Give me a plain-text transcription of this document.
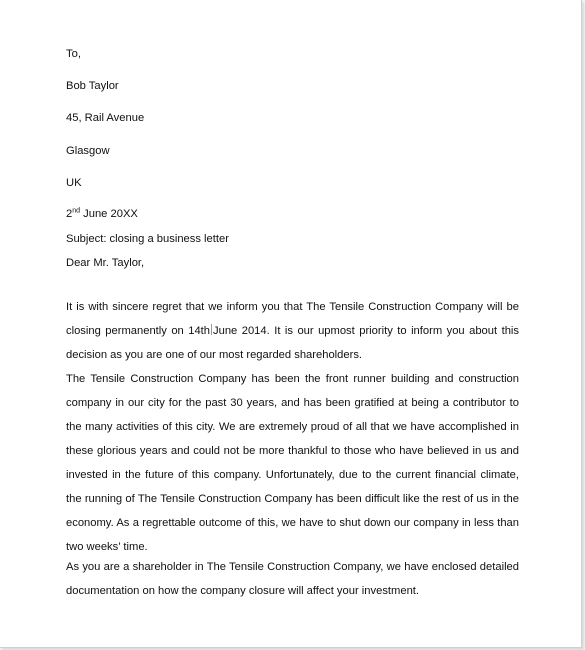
To,
Bob Taylor
45, Rail Avenue
Glasgow
UK
2nd June 20XX
Subject: closing a business letter
Dear Mr. Taylor,

It is with sincere regret that we inform you that The Tensile Construction Company will be closing permanently on 14th June 2014. It is our upmost priority to inform you about this decision as you are one of our most regarded shareholders.

The Tensile Construction Company has been the front runner building and construction company in our city for the past 30 years, and has been gratified at being a contributor to the many activities of this city. We are extremely proud of all that we have accomplished in these glorious years and could not be more thankful to those who have believed in us and invested in the future of this company. Unfortunately, due to the current financial climate, the running of The Tensile Construction Company has been difficult like the rest of us in the economy. As a regrettable outcome of this, we have to shut down our company in less than two weeks’ time.

As you are a shareholder in The Tensile Construction Company, we have enclosed detailed documentation on how the company closure will affect your investment.
